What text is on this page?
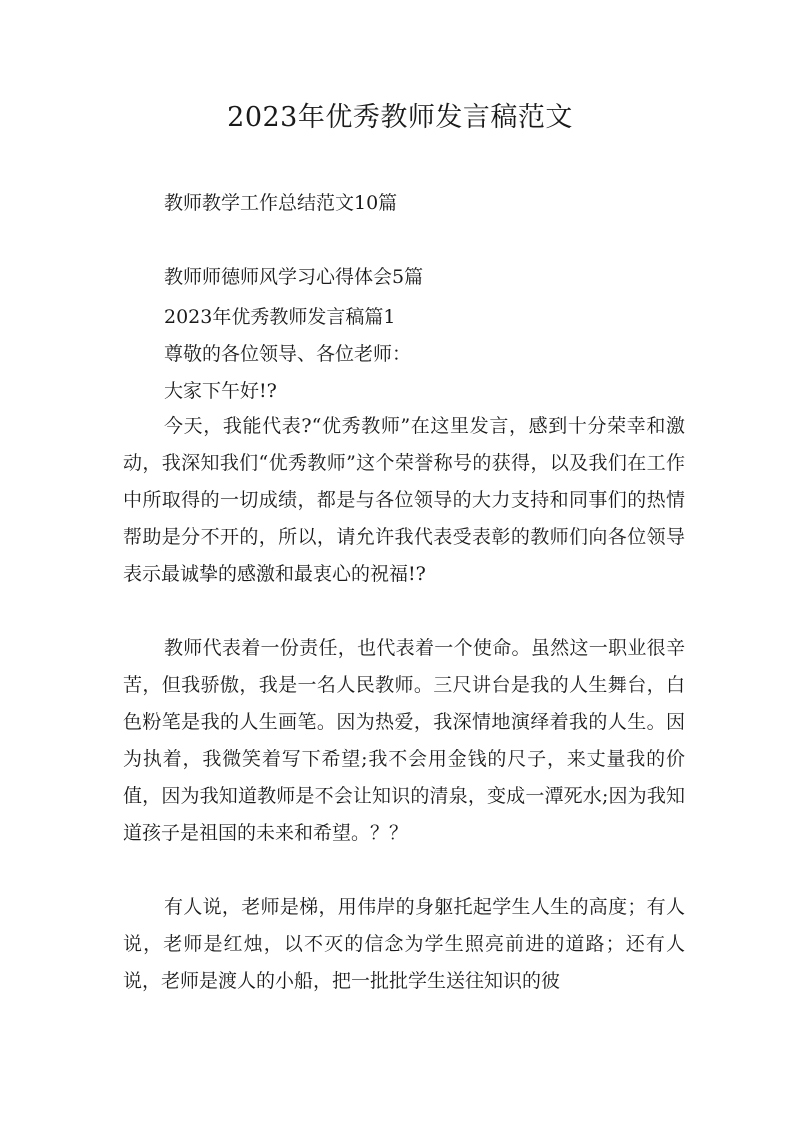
2023年优秀教师发言稿范文
教师教学工作总结范文10篇
教师师德师风学习心得体会5篇
2023年优秀教师发言稿篇1
尊敬的各位领导、各位老师：
大家下午好!?

今天，我能代表?“优秀教师”在这里发言，感到十分荣幸和激动，我深知我们“优秀教师”这个荣誉称号的获得，以及我们在工作中所取得的一切成绩，都是与各位领导的大力支持和同事们的热情帮助是分不开的，所以，请允许我代表受表彰的教师们向各位领导表示最诚挚的感激和最衷心的祝福!?

教师代表着一份责任，也代表着一个使命。虽然这一职业很辛苦，但我骄傲，我是一名人民教师。三尺讲台是我的人生舞台，白色粉笔是我的人生画笔。因为热爱，我深情地演绎着我的人生。因为执着，我微笑着写下希望;我不会用金钱的尺子，来丈量我的价值，因为我知道教师是不会让知识的清泉，变成一潭死水;因为我知道孩子是祖国的未来和希望。？？

有人说，老师是梯，用伟岸的身躯托起学生人生的高度；有人说，老师是红烛，以不灭的信念为学生照亮前进的道路；还有人说，老师是渡人的小船，把一批批学生送往知识的彼
